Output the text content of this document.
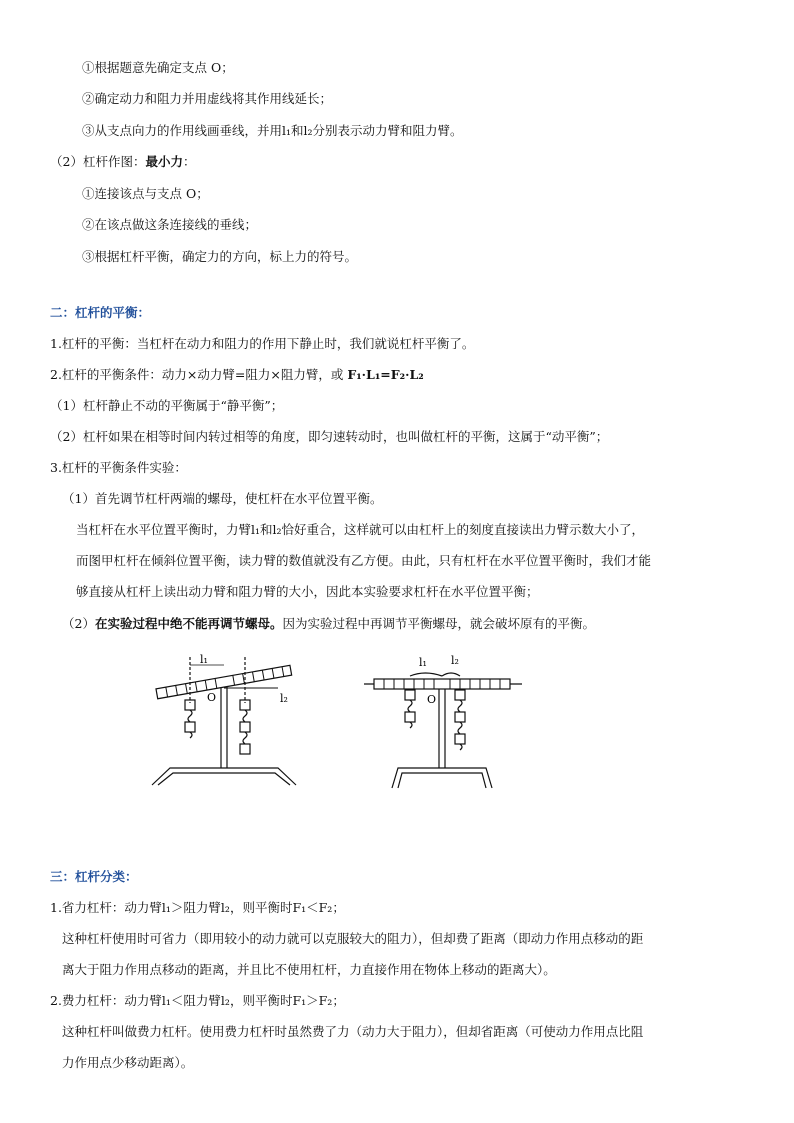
①根据题意先确定支点 O；
②确定动力和阻力并用虚线将其作用线延长；
③从支点向力的作用线画垂线，并用l₁和l₂分别表示动力臂和阻力臂。
（2）杠杆作图：最小力：
①连接该点与支点 O；
②在该点做这条连接线的垂线；
③根据杠杆平衡，确定力的方向，标上力的符号。
二：杠杆的平衡：
1.杠杆的平衡：当杠杆在动力和阻力的作用下静止时，我们就说杠杆平衡了。
2.杠杆的平衡条件：动力×动力臂=阻力×阻力臂，或 F₁·L₁=F₂·L₂
（1）杠杆静止不动的平衡属于“静平衡”；
（2）杠杆如果在相等时间内转过相等的角度，即匀速转动时，也叫做杠杆的平衡，这属于“动平衡”；
3.杠杆的平衡条件实验：
（1）首先调节杠杆两端的螺母，使杠杆在水平位置平衡。
当杠杆在水平位置平衡时，力臂l₁和l₂恰好重合，这样就可以由杠杆上的刻度直接读出力臂示数大小了，
而图甲杠杆在倾斜位置平衡，读力臂的数值就没有乙方便。由此，只有杠杆在水平位置平衡时，我们才能
够直接从杠杆上读出动力臂和阻力臂的大小，因此本实验要求杠杆在水平位置平衡；
（2）在实验过程中绝不能再调节螺母。因为实验过程中再调节平衡螺母，就会破坏原有的平衡。
l₁
l₂
O
l₁ l₂
O
三：杠杆分类：
1.省力杠杆：动力臂l₁＞阻力臂l₂，则平衡时F₁＜F₂；
这种杠杆使用时可省力（即用较小的动力就可以克服较大的阻力），但却费了距离（即动力作用点移动的距
离大于阻力作用点移动的距离，并且比不使用杠杆，力直接作用在物体上移动的距离大）。
2.费力杠杆：动力臂l₁＜阻力臂l₂，则平衡时F₁＞F₂；
这种杠杆叫做费力杠杆。使用费力杠杆时虽然费了力（动力大于阻力），但却省距离（可使动力作用点比阻
力作用点少移动距离）。
